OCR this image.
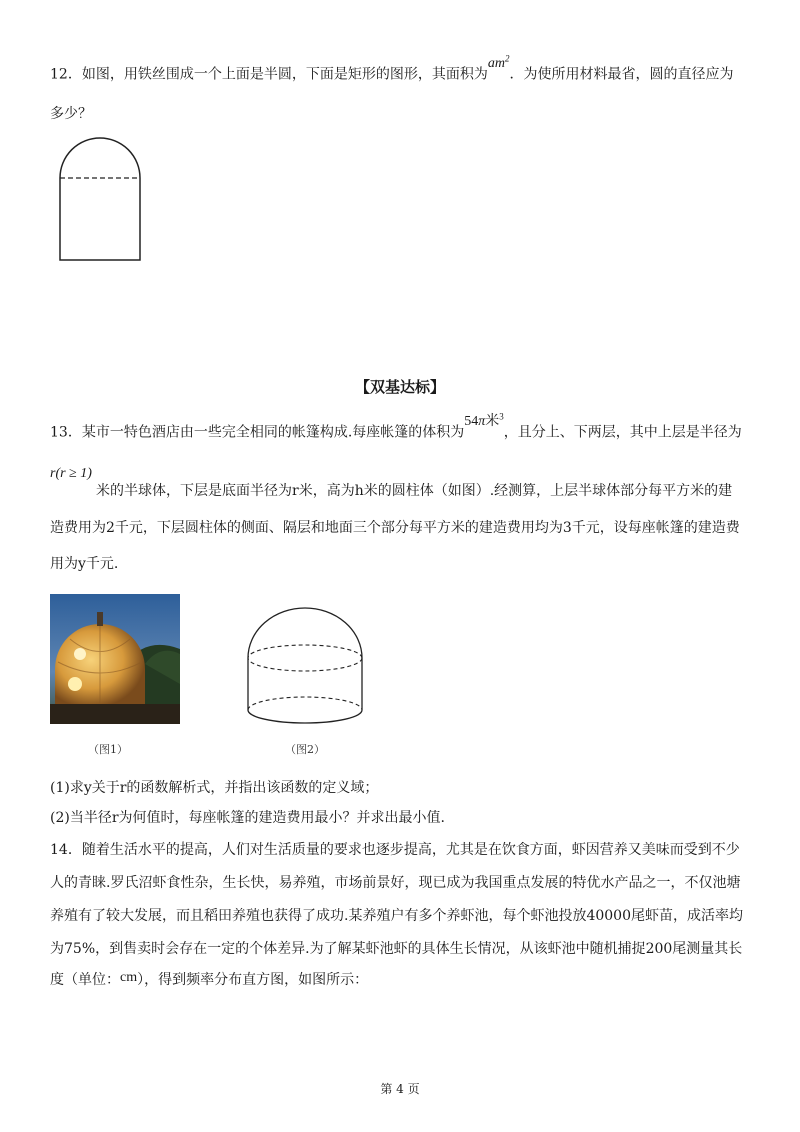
12．如图，用铁丝围成一个上面是半圆，下面是矩形的图形，其面积为$am^2$．为使所用材料最省，圆的直径应为
多少？
【双基达标】
13．某市一特色酒店由一些完全相同的帐篷构成.每座帐篷的体积为54π米$^3$，且分上、下两层，其中上层是半径为
r(r ≥ 1)
米的半球体，下层是底面半径为r米，高为h米的圆柱体（如图）.经测算，上层半球体部分每平方米的建
造费用为2千元，下层圆柱体的侧面、隔层和地面三个部分每平方米的建造费用均为3千元，设每座帐篷的建造费
用为y千元.
（图1）	（图2）
(1)求y关于r的函数解析式，并指出该函数的定义域；
(2)当半径r为何值时，每座帐篷的建造费用最小？并求出最小值.
14．随着生活水平的提高，人们对生活质量的要求也逐步提高，尤其是在饮食方面，虾因营养又美味而受到不少
人的青睐.罗氏沼虾食性杂，生长快，易养殖，市场前景好，现已成为我国重点发展的特优水产品之一，不仅池塘
养殖有了较大发展，而且稻田养殖也获得了成功.某养殖户有多个养虾池，每个虾池投放40000尾虾苗，成活率均
为75%，到售卖时会存在一定的个体差异.为了解某虾池虾的具体生长情况，从该虾池中随机捕捉200尾测量其长
度（单位：cm），得到频率分布直方图，如图所示：
第 4 页
